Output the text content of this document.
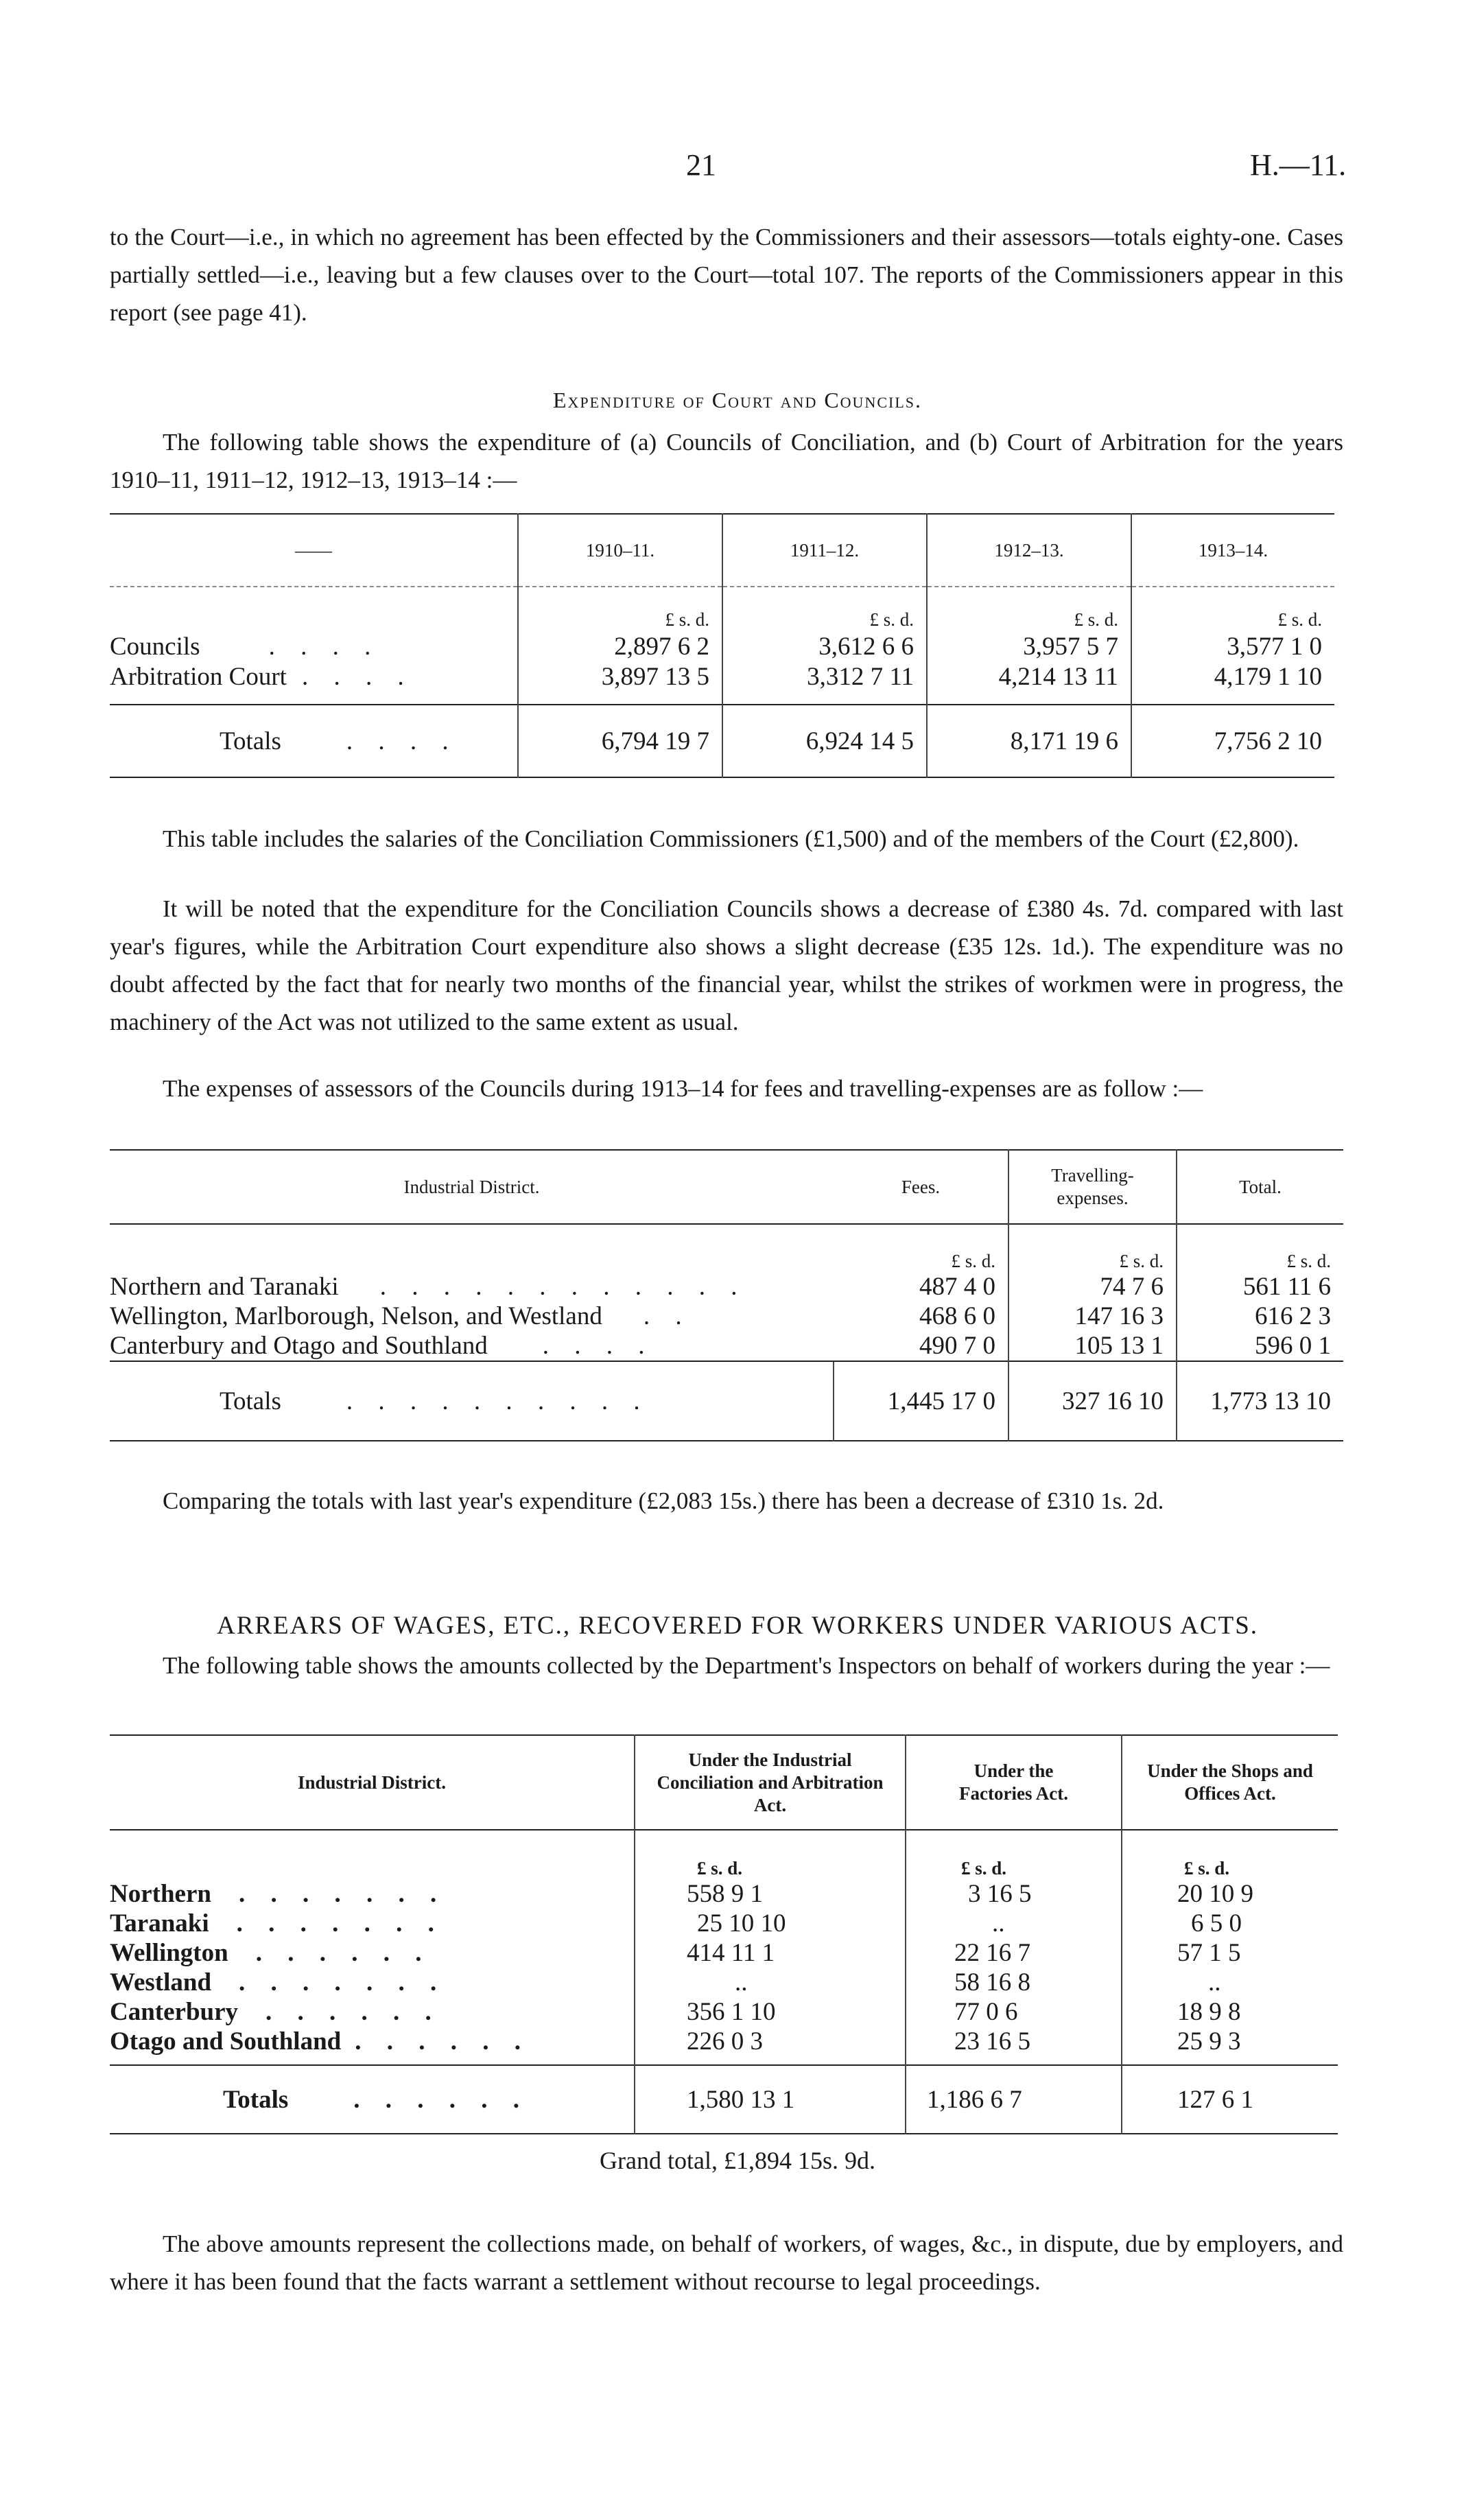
21	H.—11.
to the Court—i.e., in which no agreement has been effected by the Commissioners and their assessors—totals eighty-one. Cases partially settled—i.e., leaving but a few clauses over to the Court—total 107. The reports of the Commissioners appear in this report (see page 41).
Expenditure of Court and Councils.
The following table shows the expenditure of (a) Councils of Conciliation, and (b) Court of Arbitration for the years 1910–11, 1911–12, 1912–13, 1913–14 :—
——	1910–11.	1911–12.	1912–13.	1913–14.
	£ s. d.	£ s. d.	£ s. d.	£ s. d.
Councils . . . .	2,897 6 2	3,612 6 6	3,957 5 7	3,577 1 0
Arbitration Court . . . .	3,897 13 5	3,312 7 11	4,214 13 11	4,179 1 10
Totals . . . .	6,794 19 7	6,924 14 5	8,171 19 6	7,756 2 10
This table includes the salaries of the Conciliation Commissioners (£1,500) and of the members of the Court (£2,800).
It will be noted that the expenditure for the Conciliation Councils shows a decrease of £380 4s. 7d. compared with last year's figures, while the Arbitration Court expenditure also shows a slight decrease (£35 12s. 1d.). The expenditure was no doubt affected by the fact that for nearly two months of the financial year, whilst the strikes of workmen were in progress, the machinery of the Act was not utilized to the same extent as usual.
The expenses of assessors of the Councils during 1913–14 for fees and travelling-expenses are as follow :—
Industrial District.	Fees.	Travelling-expenses.	Total.
	£ s. d.	£ s. d.	£ s. d.
Northern and Taranaki . . . . . . . . . . . .	487 4 0	74 7 6	561 11 6
Wellington, Marlborough, Nelson, and Westland . .	468 6 0	147 16 3	616 2 3
Canterbury and Otago and Southland . . . .	490 7 0	105 13 1	596 0 1
Totals . . . . . . . . . .	1,445 17 0	327 16 10	1,773 13 10
Comparing the totals with last year's expenditure (£2,083 15s.) there has been a decrease of £310 1s. 2d.
ARREARS OF WAGES, ETC., RECOVERED FOR WORKERS UNDER VARIOUS ACTS.
The following table shows the amounts collected by the Department's Inspectors on behalf of workers during the year :—
Industrial District.	Under the Industrial Conciliation and Arbitration Act.	Under the Factories Act.	Under the Shops and Offices Act.
	£ s. d.	£ s. d.	£ s. d.
Northern . . . . . . .	558 9 1	3 16 5	20 10 9
Taranaki . . . . . . .	25 10 10	..	6 5 0
Wellington . . . . . .	414 11 1	22 16 7	57 1 5
Westland . . . . . . .	..	58 16 8	..
Canterbury . . . . . .	356 1 10	77 0 6	18 9 8
Otago and Southland . . . . . .	226 0 3	23 16 5	25 9 3
Totals . . . . . .	1,580 13 1	1,186 6 7	127 6 1
Grand total, £1,894 15s. 9d.
The above amounts represent the collections made, on behalf of workers, of wages, &c., in dispute, due by employers, and where it has been found that the facts warrant a settlement without recourse to legal proceedings.
